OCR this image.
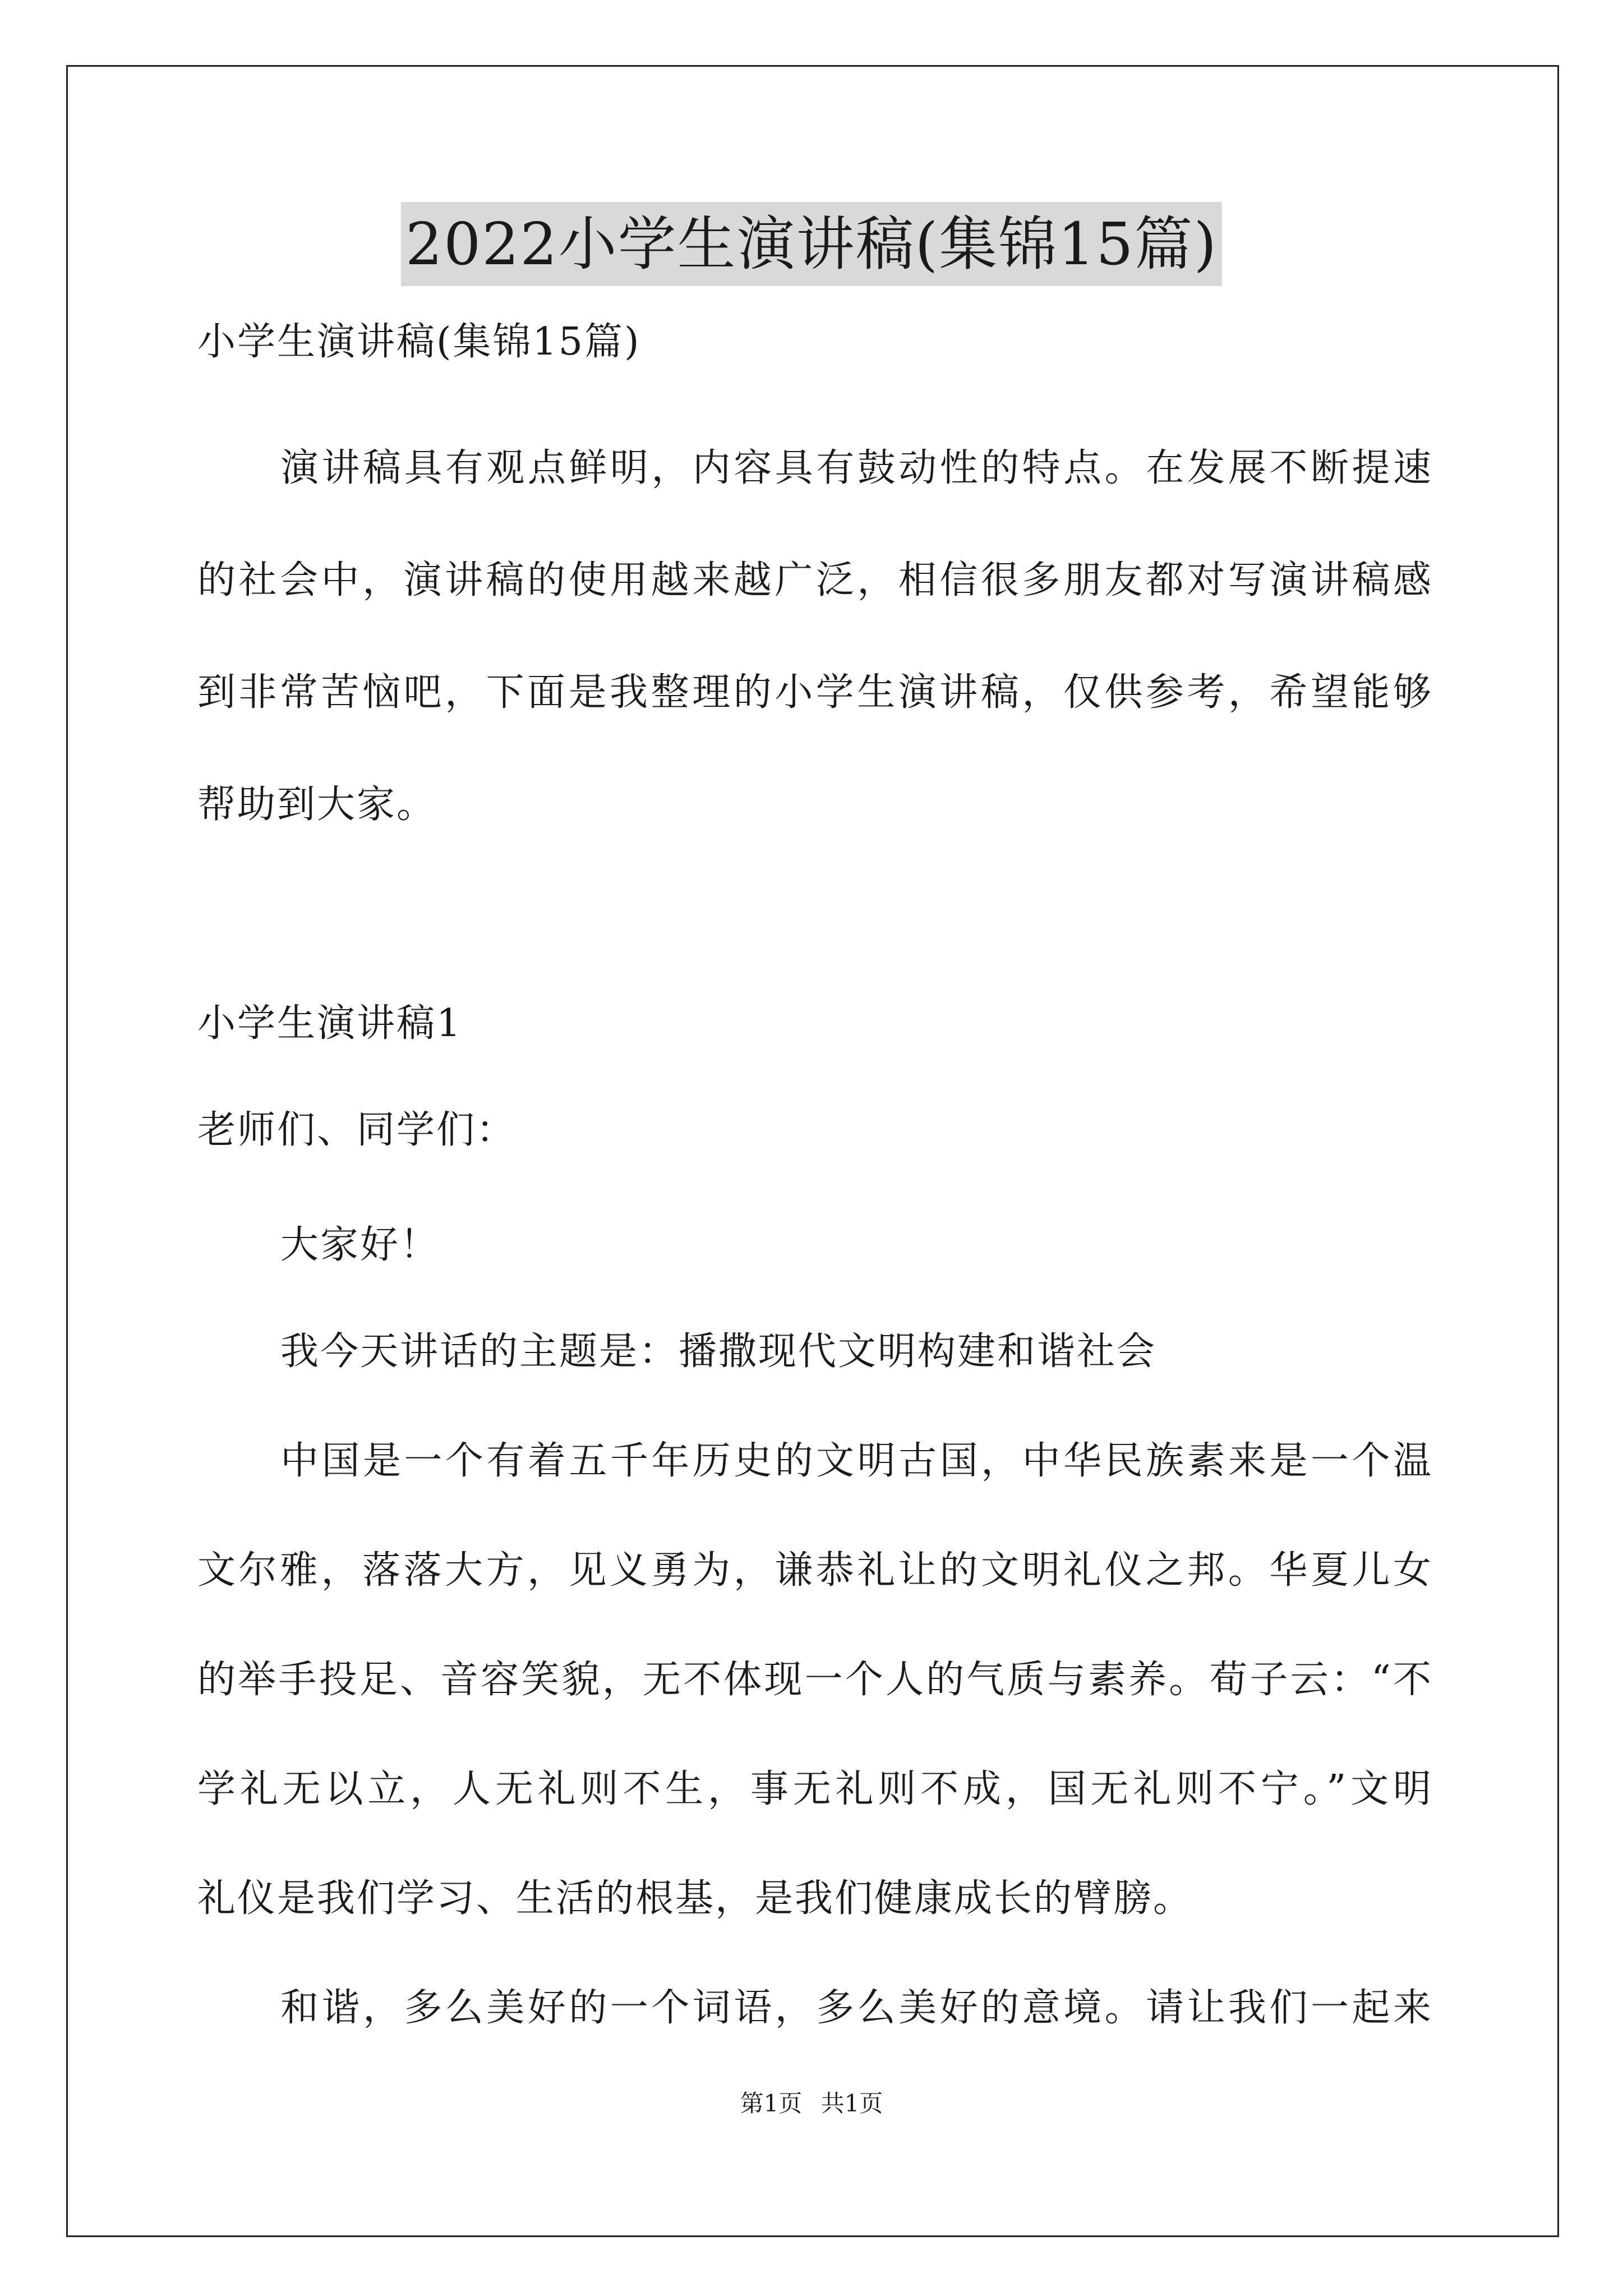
2022小学生演讲稿(集锦15篇)
小学生演讲稿(集锦15篇)
演讲稿具有观点鲜明，内容具有鼓动性的特点。在发展不断提速
的社会中，演讲稿的使用越来越广泛，相信很多朋友都对写演讲稿感
到非常苦恼吧，下面是我整理的小学生演讲稿，仅供参考，希望能够
帮助到大家。
小学生演讲稿1
老师们、同学们：
大家好！
我今天讲话的主题是：播撒现代文明构建和谐社会
中国是一个有着五千年历史的文明古国，中华民族素来是一个温
文尔雅，落落大方，见义勇为，谦恭礼让的文明礼仪之邦。华夏儿女
的举手投足、音容笑貌，无不体现一个人的气质与素养。荀子云：“不
学礼无以立，人无礼则不生，事无礼则不成，国无礼则不宁。”文明
礼仪是我们学习、生活的根基，是我们健康成长的臂膀。
和谐，多么美好的一个词语，多么美好的意境。请让我们一起来
第1页 共1页
